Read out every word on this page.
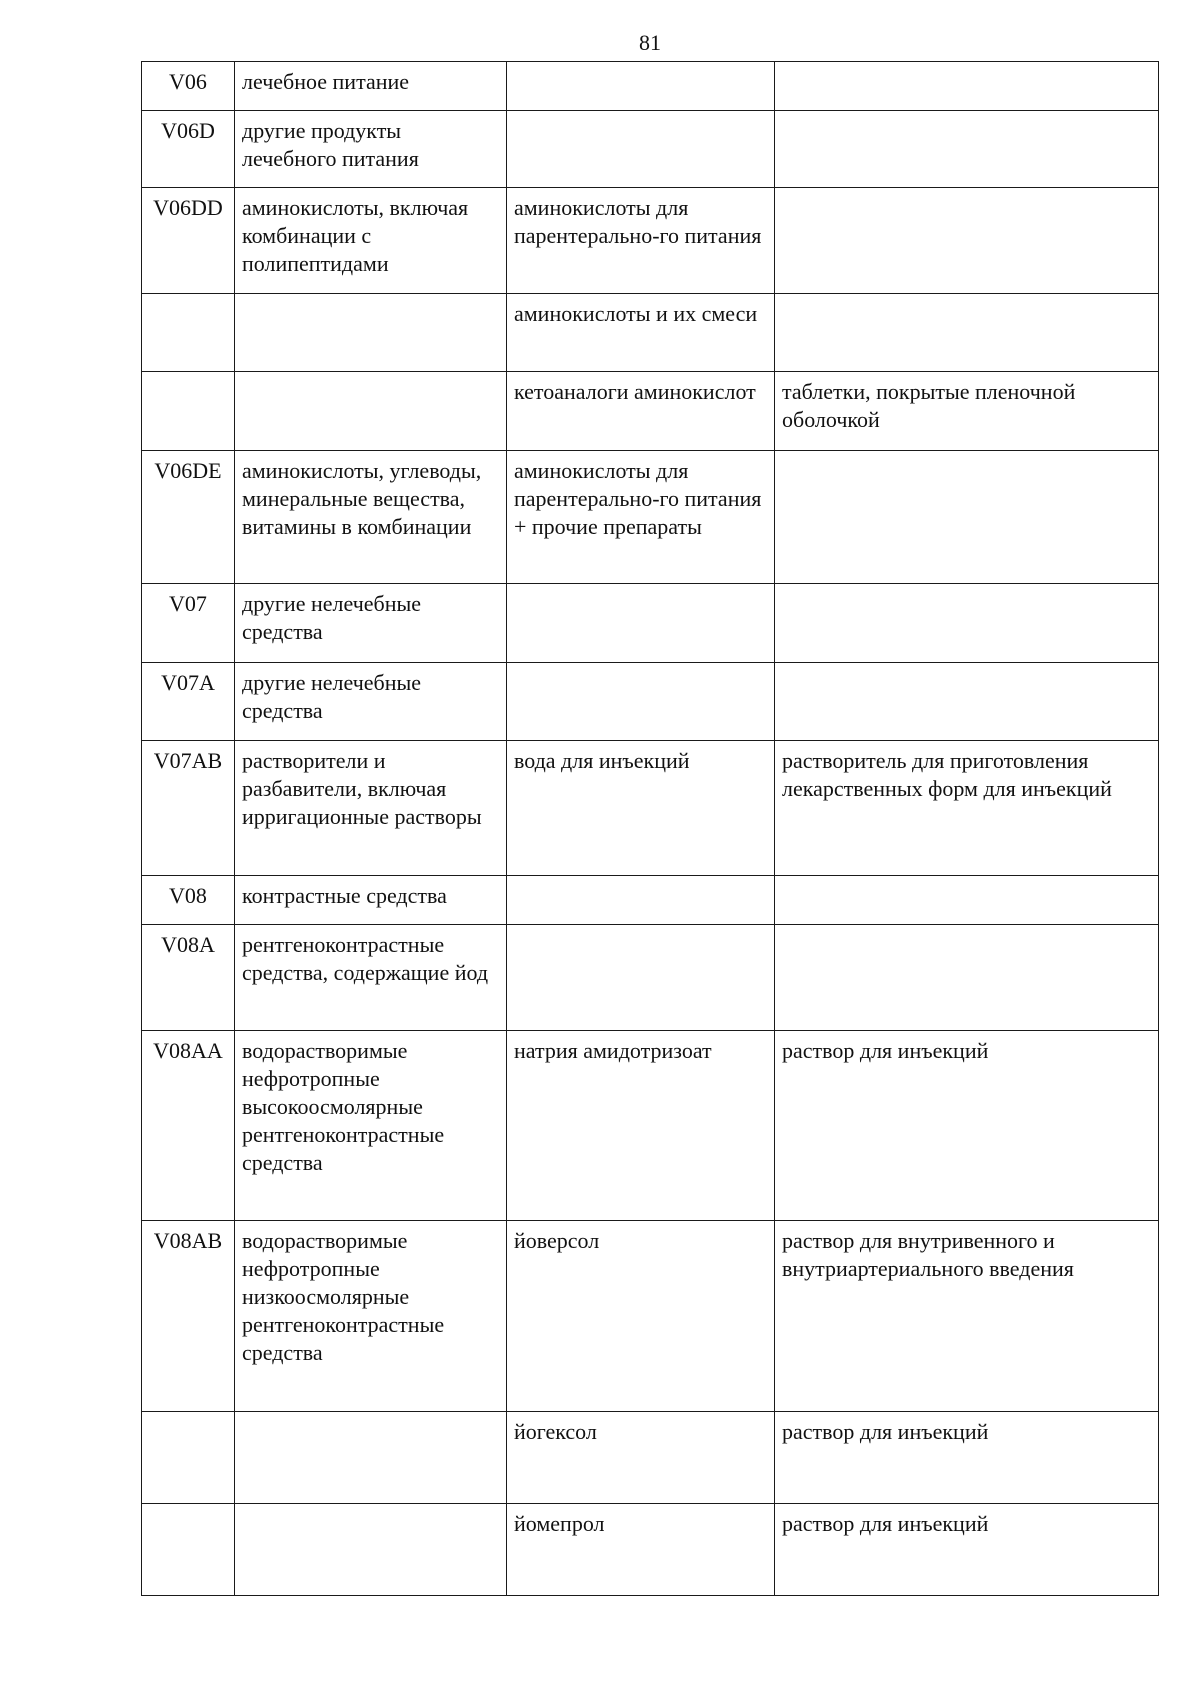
81
V06	лечебное питание		
V06D	другие продукты лечебного питания		
V06DD	аминокислоты, включая комбинации с полипептидами	аминокислоты для парентерально-го питания	
		аминокислоты и их смеси	
		кетоаналоги аминокислот	таблетки, покрытые пленочной оболочкой
V06DE	аминокислоты, углеводы, минеральные вещества, витамины в комбинации	аминокислоты для парентерально-го питания + прочие препараты	
V07	другие нелечебные средства		
V07A	другие нелечебные средства		
V07AB	растворители и разбавители, включая ирригационные растворы	вода для инъекций	растворитель для приготовления лекарственных форм для инъекций
V08	контрастные средства		
V08A	рентгеноконтрастные средства, содержащие йод		
V08AA	водорастворимые нефротропные высокоосмолярные рентгеноконтрастные средства	натрия амидотризоат	раствор для инъекций
V08AB	водорастворимые нефротропные низкоосмолярные рентгеноконтрастные средства	йоверсол	раствор для внутривенного и внутриартериального введения
		йогексол	раствор для инъекций
		йомепрол	раствор для инъекций
